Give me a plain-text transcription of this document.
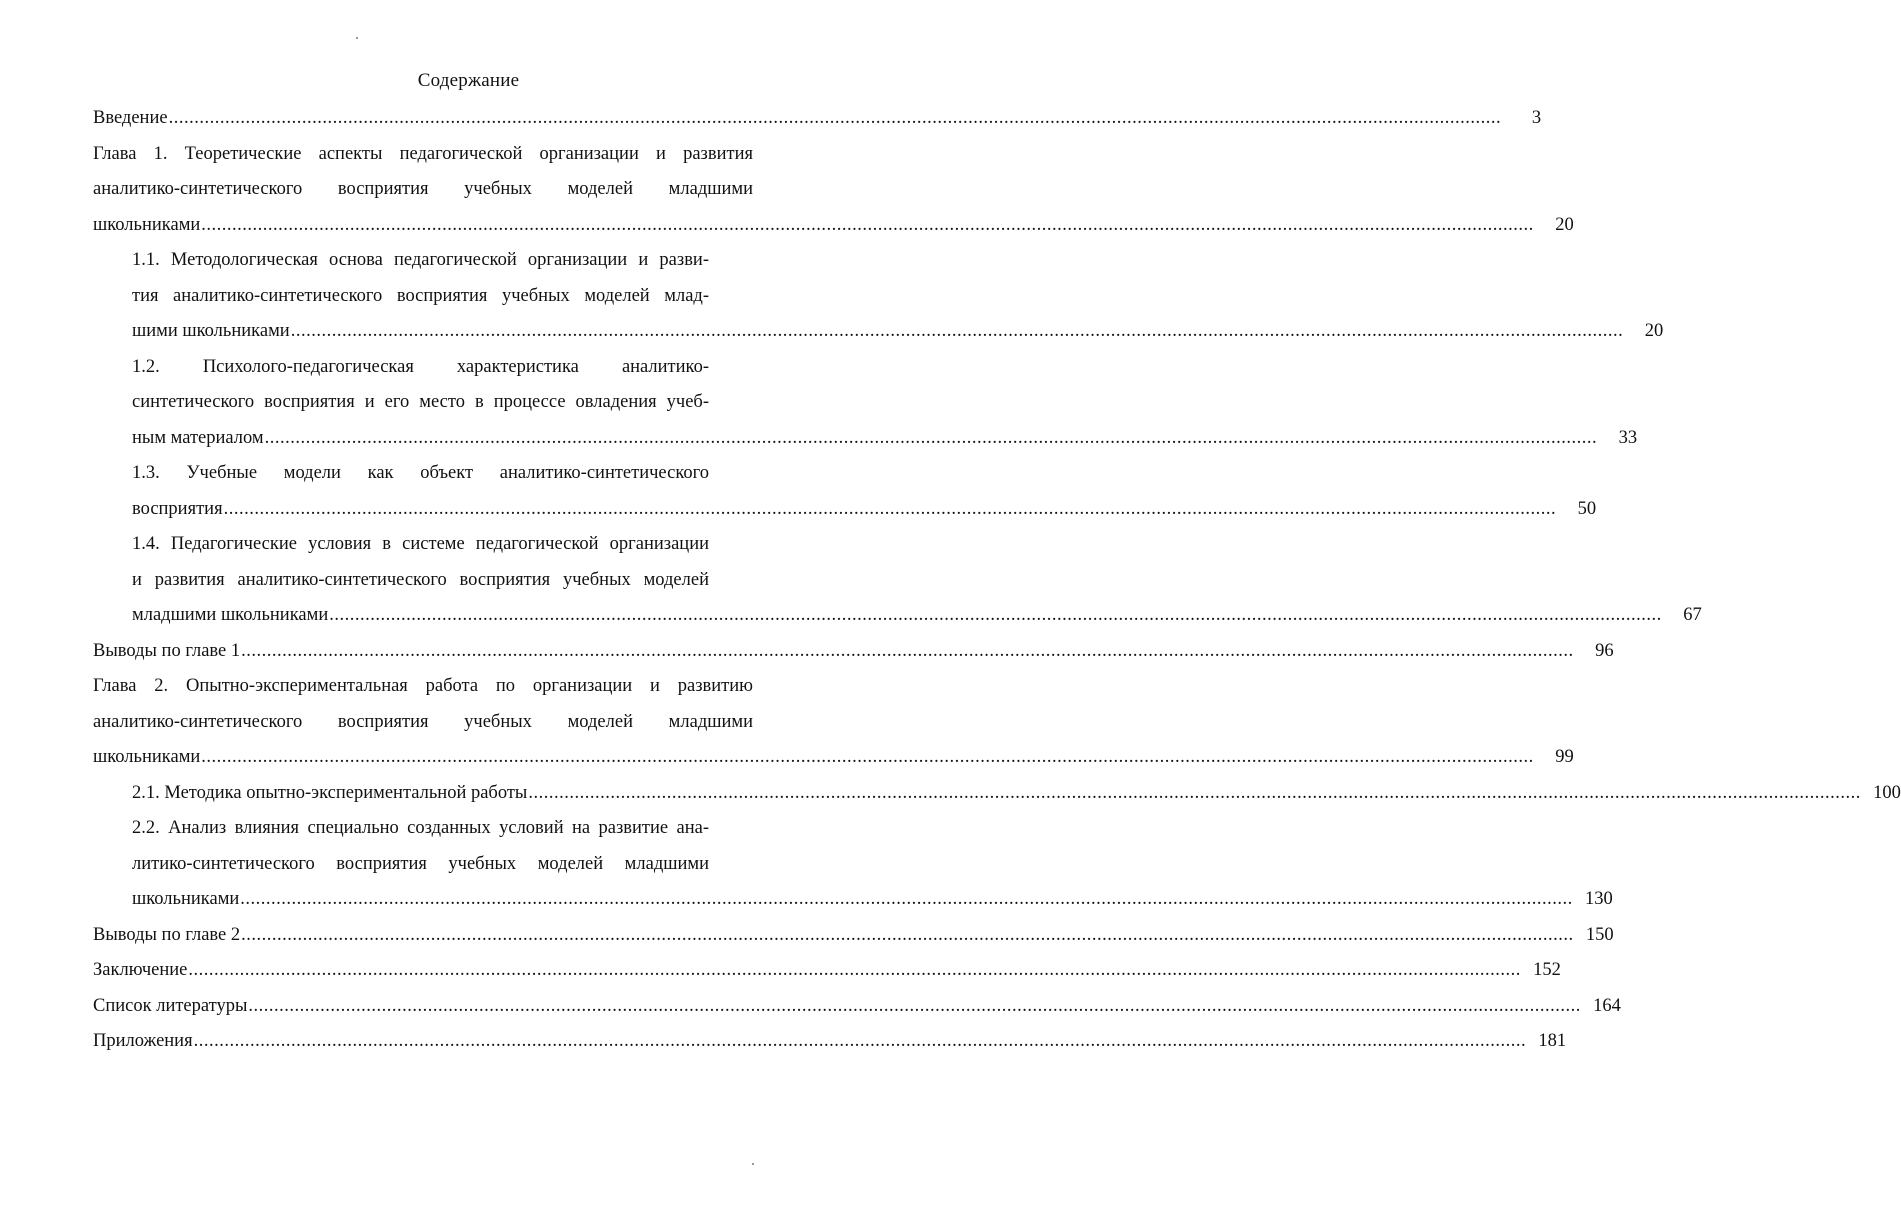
Содержание
Введение ....................................................................................................................................................................................................................................................................	3
Глава 1. Теоретические аспекты педагогической организации и развития
аналитико-синтетического восприятия учебных моделей младшими
школьниками ....................................................................................................................................................................................................................................................................	20
1.1. Методологическая основа педагогической организации и разви-
тия аналитико-синтетического восприятия учебных моделей млад-
шими школьниками ....................................................................................................................................................................................................................................................................	20
1.2. Психолого-педагогическая характеристика аналитико-
синтетического восприятия и его место в процессе овладения учеб-
ным материалом ....................................................................................................................................................................................................................................................................	33
1.3. Учебные модели как объект аналитико-синтетического
восприятия ....................................................................................................................................................................................................................................................................	50
1.4. Педагогические условия в системе педагогической организации
и развития аналитико-синтетического восприятия учебных моделей
младшими школьниками ....................................................................................................................................................................................................................................................................	67
Выводы по главе 1 ....................................................................................................................................................................................................................................................................	96
Глава 2. Опытно-экспериментальная работа по организации и развитию
аналитико-синтетического восприятия учебных моделей младшими
школьниками ....................................................................................................................................................................................................................................................................	99
2.1. Методика опытно-экспериментальной работы .................................................................................................................................................................................................................................................................... 100
2.2. Анализ влияния специально созданных условий на развитие ана-
литико-синтетического восприятия учебных моделей младшими
школьниками .................................................................................................................................................................................................................................................................... 130
Выводы по главе 2 .................................................................................................................................................................................................................................................................... 150
Заключение .................................................................................................................................................................................................................................................................... 152
Список литературы .................................................................................................................................................................................................................................................................... 164
Приложения .................................................................................................................................................................................................................................................................... 181
